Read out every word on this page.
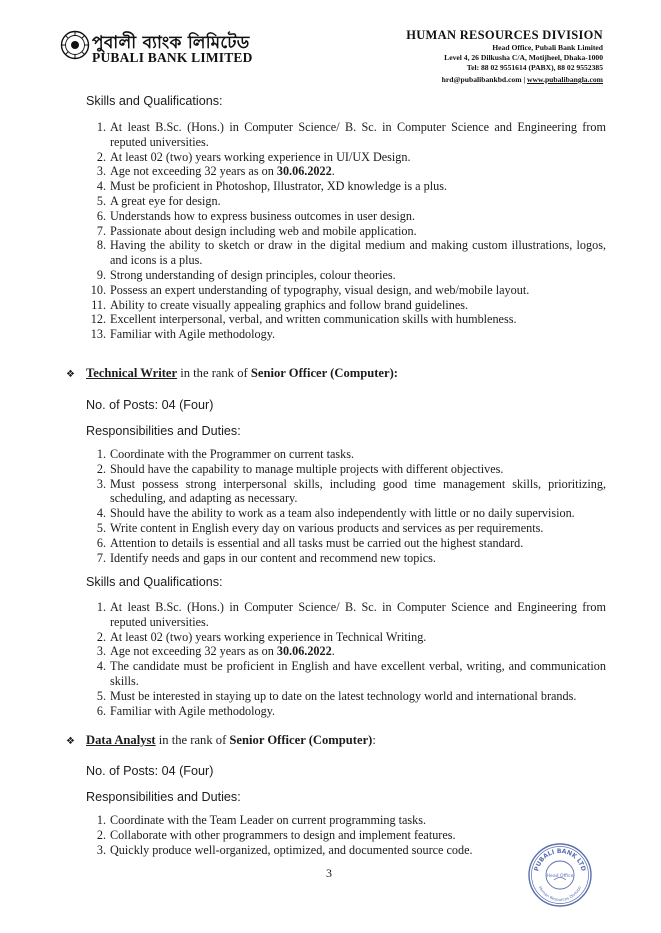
পুবালী ব্যাংক লিমিটেড
PUBALI BANK LIMITED
HUMAN RESOURCES DIVISION
Head Office, Pubali Bank Limited
Level 4, 26 Dilkusha C/A, Motijheel, Dhaka-1000
Tel: 88 02 9551614 (PABX), 88 02 9552385
hrd@pubalibankbd.com | www.pubalibangla.com
Skills and Qualifications:
1. At least B.Sc. (Hons.) in Computer Science/ B. Sc. in Computer Science and Engineering from reputed universities.
2. At least 02 (two) years working experience in UI/UX Design.
3. Age not exceeding 32 years as on 30.06.2022.
4. Must be proficient in Photoshop, Illustrator, XD knowledge is a plus.
5. A great eye for design.
6. Understands how to express business outcomes in user design.
7. Passionate about design including web and mobile application.
8. Having the ability to sketch or draw in the digital medium and making custom illustrations, logos, and icons is a plus.
9. Strong understanding of design principles, colour theories.
10. Possess an expert understanding of typography, visual design, and web/mobile layout.
11. Ability to create visually appealing graphics and follow brand guidelines.
12. Excellent interpersonal, verbal, and written communication skills with humbleness.
13. Familiar with Agile methodology.
❖ Technical Writer in the rank of Senior Officer (Computer):
No. of Posts: 04 (Four)
Responsibilities and Duties:
1. Coordinate with the Programmer on current tasks.
2. Should have the capability to manage multiple projects with different objectives.
3. Must possess strong interpersonal skills, including good time management skills, prioritizing, scheduling, and adapting as necessary.
4. Should have the ability to work as a team also independently with little or no daily supervision.
5. Write content in English every day on various products and services as per requirements.
6. Attention to details is essential and all tasks must be carried out the highest standard.
7. Identify needs and gaps in our content and recommend new topics.
Skills and Qualifications:
1. At least B.Sc. (Hons.) in Computer Science/ B. Sc. in Computer Science and Engineering from reputed universities.
2. At least 02 (two) years working experience in Technical Writing.
3. Age not exceeding 32 years as on 30.06.2022.
4. The candidate must be proficient in English and have excellent verbal, writing, and communication skills.
5. Must be interested in staying up to date on the latest technology world and international brands.
6. Familiar with Agile methodology.
❖ Data Analyst in the rank of Senior Officer (Computer):
No. of Posts: 04 (Four)
Responsibilities and Duties:
1. Coordinate with the Team Leader on current programming tasks.
2. Collaborate with other programmers to design and implement features.
3. Quickly produce well-organized, optimized, and documented source code.
3	PUBALI BANK LTD
Head Office
Human Resources Division
